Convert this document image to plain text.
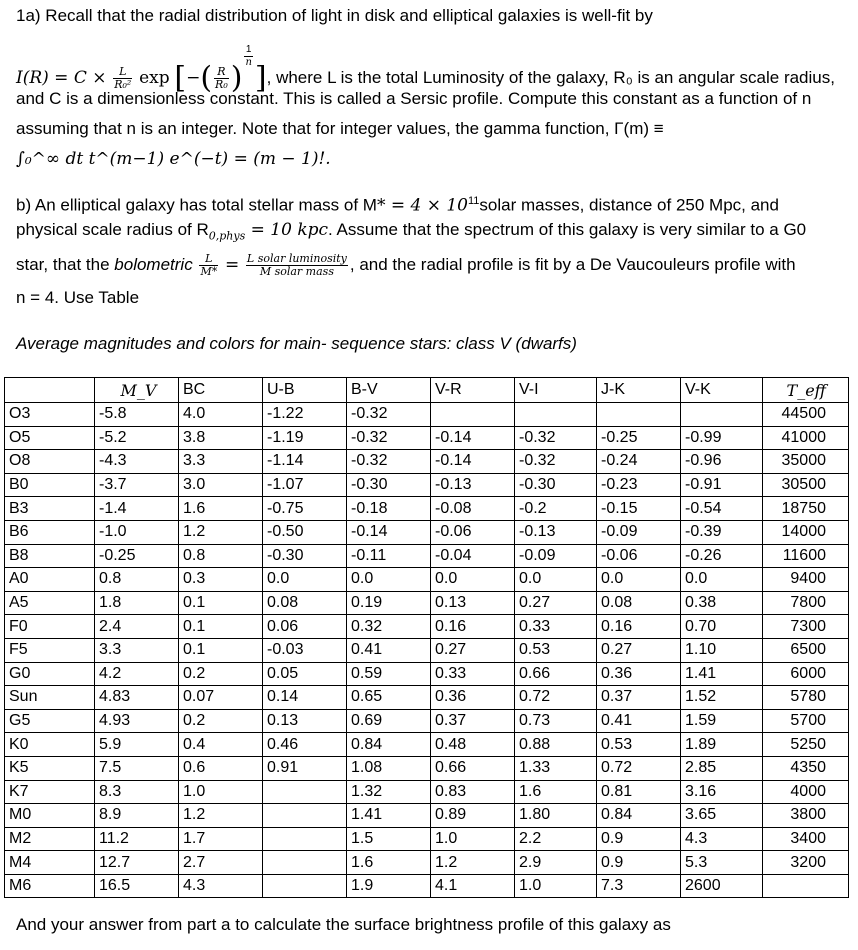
1a) Recall that the radial distribution of light in disk and elliptical galaxies is well-fit by
$I(R) = C \times \frac{L}{\text{R₀²}}$ exp [−( $\frac{R}{\text{R₀}}$ )
$\frac{1}{n}$
], where L is the total Luminosity of the galaxy, R₀ is an angular scale radius,
and C is a dimensionless constant. This is called a Sersic profile. Compute this constant as a function of n
assuming that n is an integer. Note that for integer values, the gamma function, Γ(m) ≡
∫₀^∞ dt t^(m−1) e^(−t) = (m − 1)!.
b) An elliptical galaxy has total stellar mass of $M* = 4 \times 10^{11}solar$ masses, distance of 250 Mpc, and
physical scale radius of $R_{0,phys} = 10$ kpc. Assume that the spectrum of this galaxy is very similar to a G0
star, that the bolometric $\frac{L}{M*} = \frac{\text{L solar luminosity}}{\text{M solar mass}}$ , and the radial profile is fit by a De Vaucouleurs profile with
n = 4. Use Table
Average magnitudes and colors for main- sequence stars: class V (dwarfs)
	M_V	BC	U-B	B-V	V-R	V-I	J-K	V-K	T_eff
O3	-5.8	4.0	-1.22	-0.32					44500
O5	-5.2	3.8	-1.19	-0.32	-0.14	-0.32	-0.25	-0.99	41000
O8	-4.3	3.3	-1.14	-0.32	-0.14	-0.32	-0.24	-0.96	35000
B0	-3.7	3.0	-1.07	-0.30	-0.13	-0.30	-0.23	-0.91	30500
B3	-1.4	1.6	-0.75	-0.18	-0.08	-0.2	-0.15	-0.54	18750
B6	-1.0	1.2	-0.50	-0.14	-0.06	-0.13	-0.09	-0.39	14000
B8	-0.25	0.8	-0.30	-0.11	-0.04	-0.09	-0.06	-0.26	11600
A0	0.8	0.3	0.0	0.0	0.0	0.0	0.0	0.0	9400
A5	1.8	0.1	0.08	0.19	0.13	0.27	0.08	0.38	7800
F0	2.4	0.1	0.06	0.32	0.16	0.33	0.16	0.70	7300
F5	3.3	0.1	-0.03	0.41	0.27	0.53	0.27	1.10	6500
G0	4.2	0.2	0.05	0.59	0.33	0.66	0.36	1.41	6000
Sun	4.83	0.07	0.14	0.65	0.36	0.72	0.37	1.52	5780
G5	4.93	0.2	0.13	0.69	0.37	0.73	0.41	1.59	5700
K0	5.9	0.4	0.46	0.84	0.48	0.88	0.53	1.89	5250
K5	7.5	0.6	0.91	1.08	0.66	1.33	0.72	2.85	4350
K7	8.3	1.0		1.32	0.83	1.6	0.81	3.16	4000
M0	8.9	1.2		1.41	0.89	1.80	0.84	3.65	3800
M2	11.2	1.7		1.5	1.0	2.2	0.9	4.3	3400
M4	12.7	2.7		1.6	1.2	2.9	0.9	5.3	3200
M6	16.5	4.3		1.9	4.1	1.0	7.3	2600	
And your answer from part a to calculate the surface brightness profile of this galaxy as
